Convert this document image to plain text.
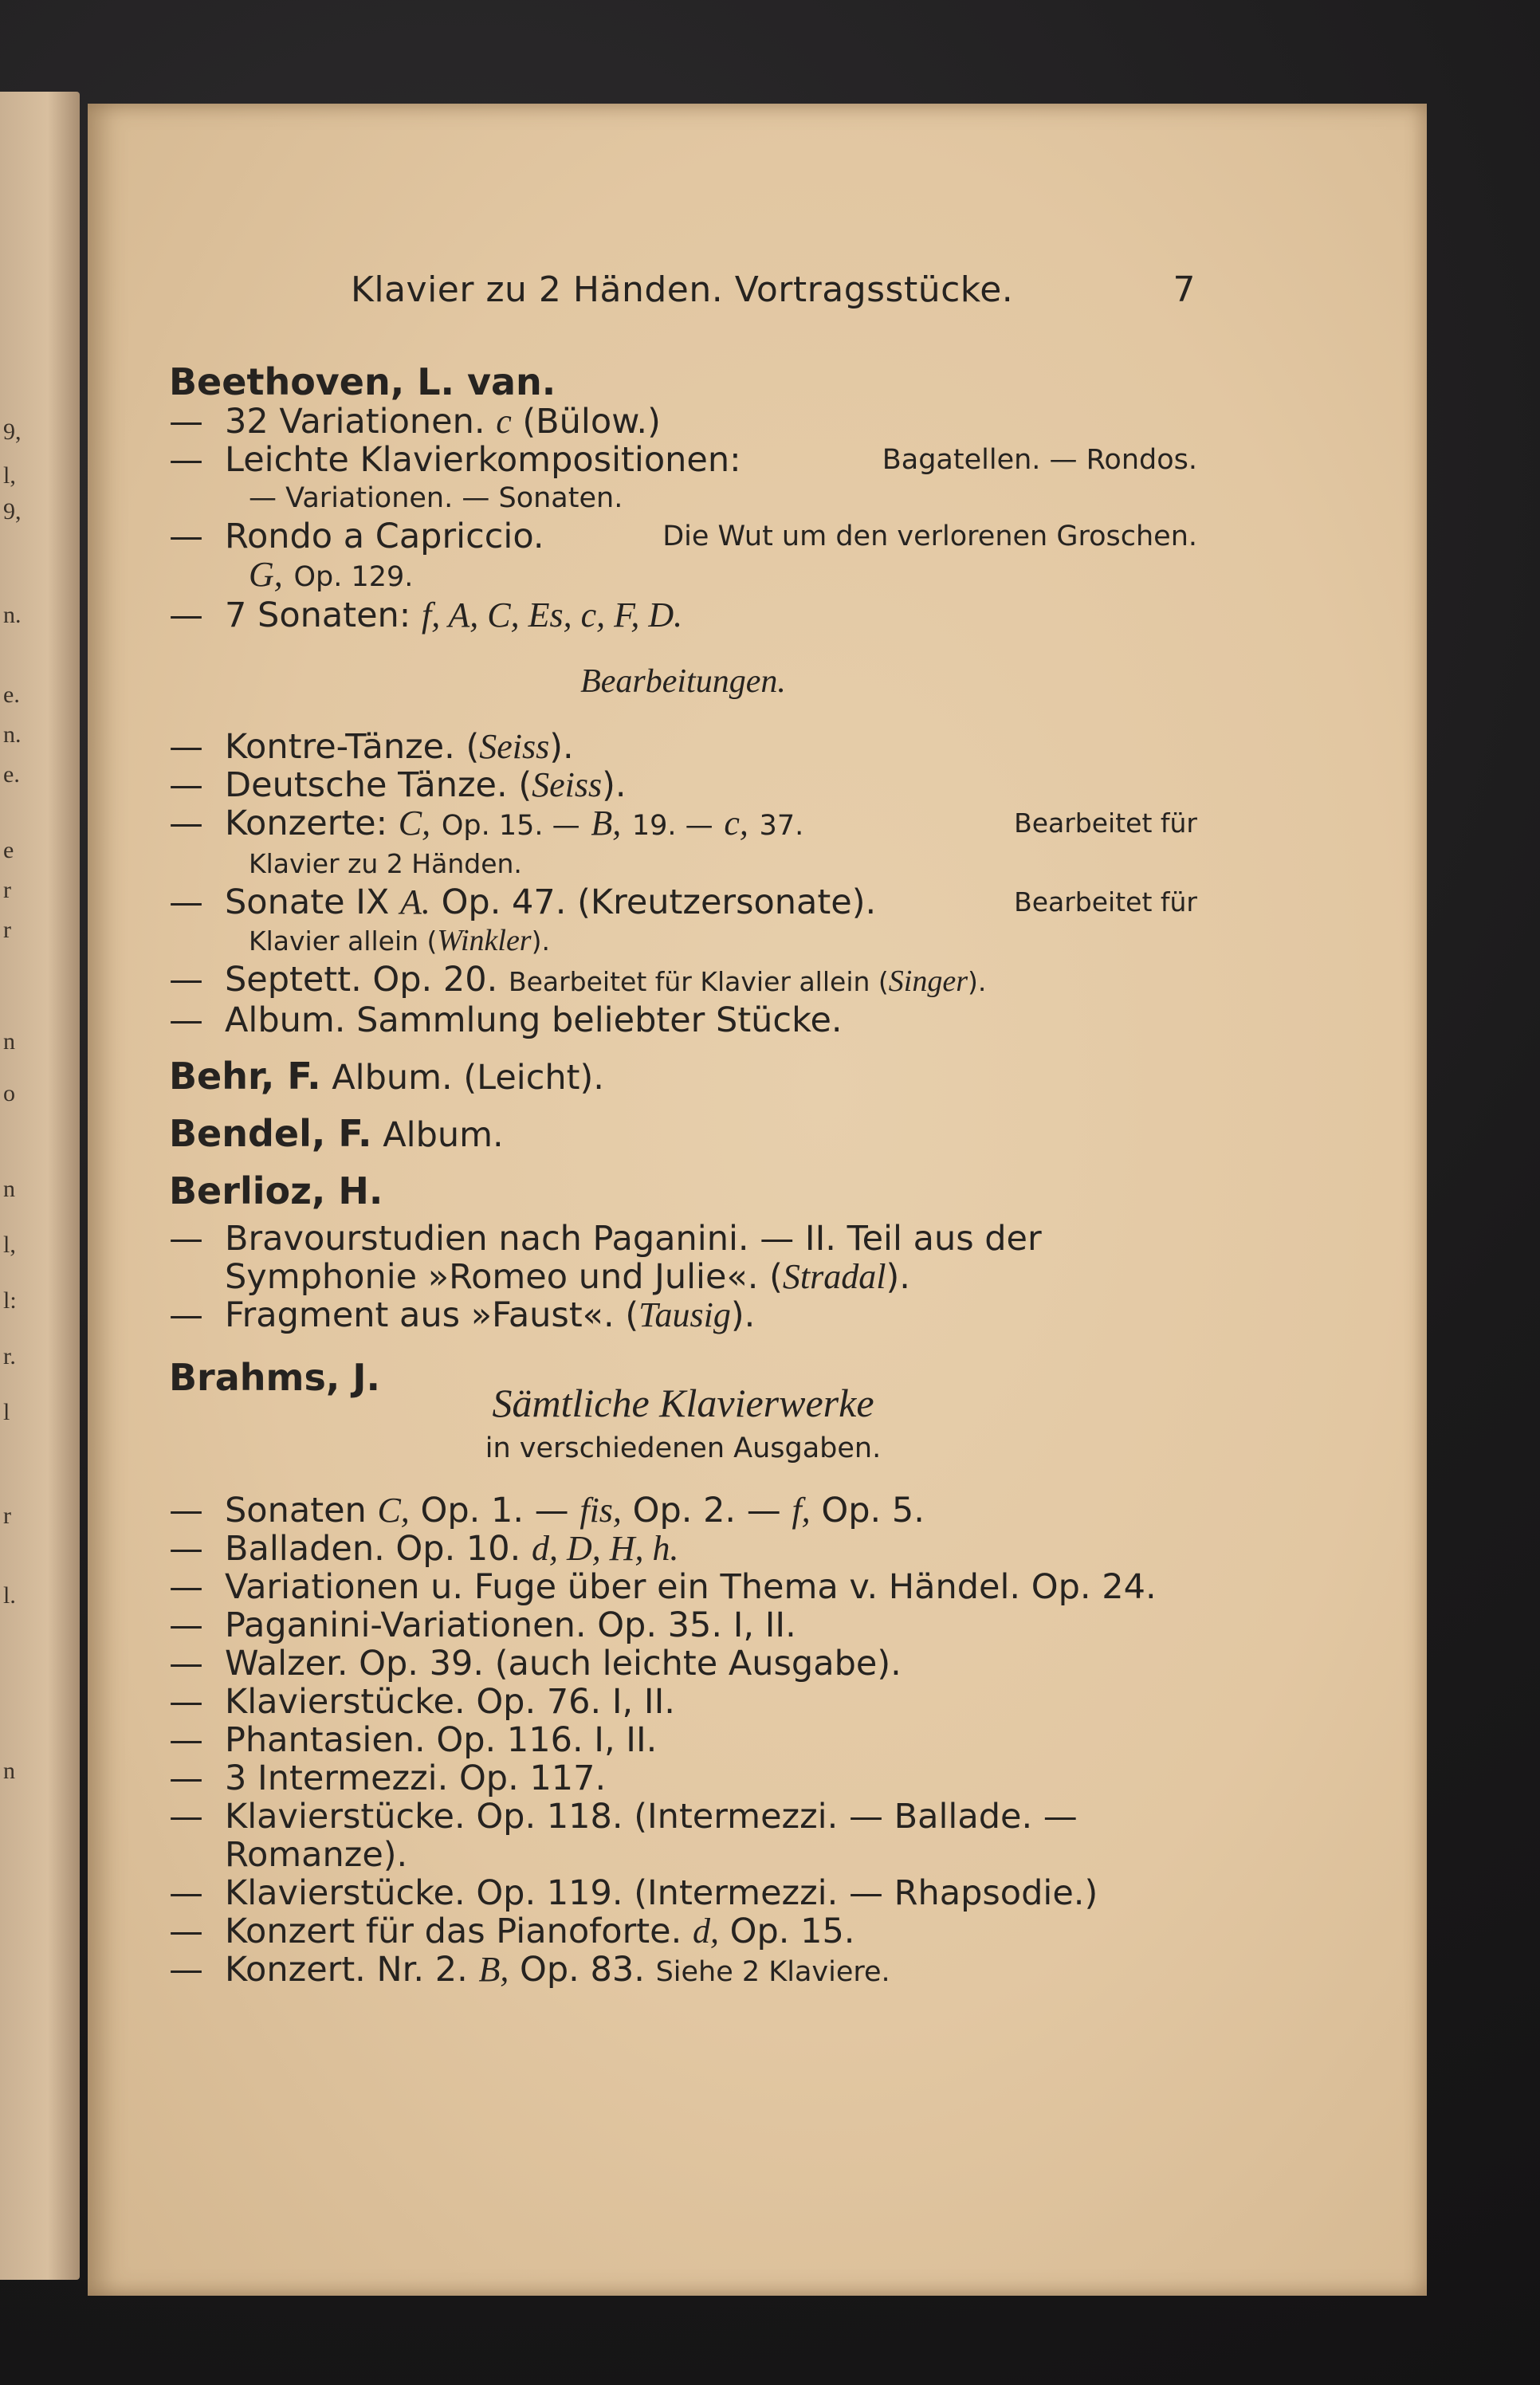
9,
l,
9,
n.
e.
n.
e.
e
r
r
n
o
n
l,
l:
r.
l
r
l.
n
Klavier zu 2 Händen. Vortragsstücke.	7

Beethoven, L. van.

— 32 Variationen. c (Bülow.)

— Leichte Klavierkompositionen:	Bagatellen. — Rondos.

— Variationen. — Sonaten.

— Rondo a Capriccio.	Die Wut um den verlorenen Groschen.

G, Op. 129.

— 7 Sonaten: f, A, C, Es, c, F, D.

Bearbeitungen.

— Kontre-Tänze. (Seiss).

— Deutsche Tänze. (Seiss).

— Konzerte: C, Op. 15. — B, 19. — c, 37.	Bearbeitet für

Klavier zu 2 Händen.

— Sonate IX A. Op. 47. (Kreutzersonate).	Bearbeitet für

Klavier allein (Winkler).

— Septett. Op. 20. Bearbeitet für Klavier allein (Singer).

— Album. Sammlung beliebter Stücke.

Behr, F. Album. (Leicht).

Bendel, F. Album.

Berlioz, H.

— Bravourstudien nach Paganini. — II. Teil aus der

Symphonie »Romeo und Julie«. (Stradal).

— Fragment aus »Faust«. (Tausig).

Brahms, J.

Sämtliche Klavierwerke

in verschiedenen Ausgaben.

— Sonaten C, Op. 1. — fis, Op. 2. — f, Op. 5.

— Balladen. Op. 10. d, D, H, h.

— Variationen u. Fuge über ein Thema v. Händel. Op. 24.

— Paganini-Variationen. Op. 35. I, II.

— Walzer. Op. 39. (auch leichte Ausgabe).

— Klavierstücke. Op. 76. I, II.

— Phantasien. Op. 116. I, II.

— 3 Intermezzi. Op. 117.

— Klavierstücke. Op. 118. (Intermezzi. — Ballade. —

Romanze).

— Klavierstücke. Op. 119. (Intermezzi. — Rhapsodie.)

— Konzert für das Pianoforte. d, Op. 15.

— Konzert. Nr. 2. B, Op. 83. Siehe 2 Klaviere.
